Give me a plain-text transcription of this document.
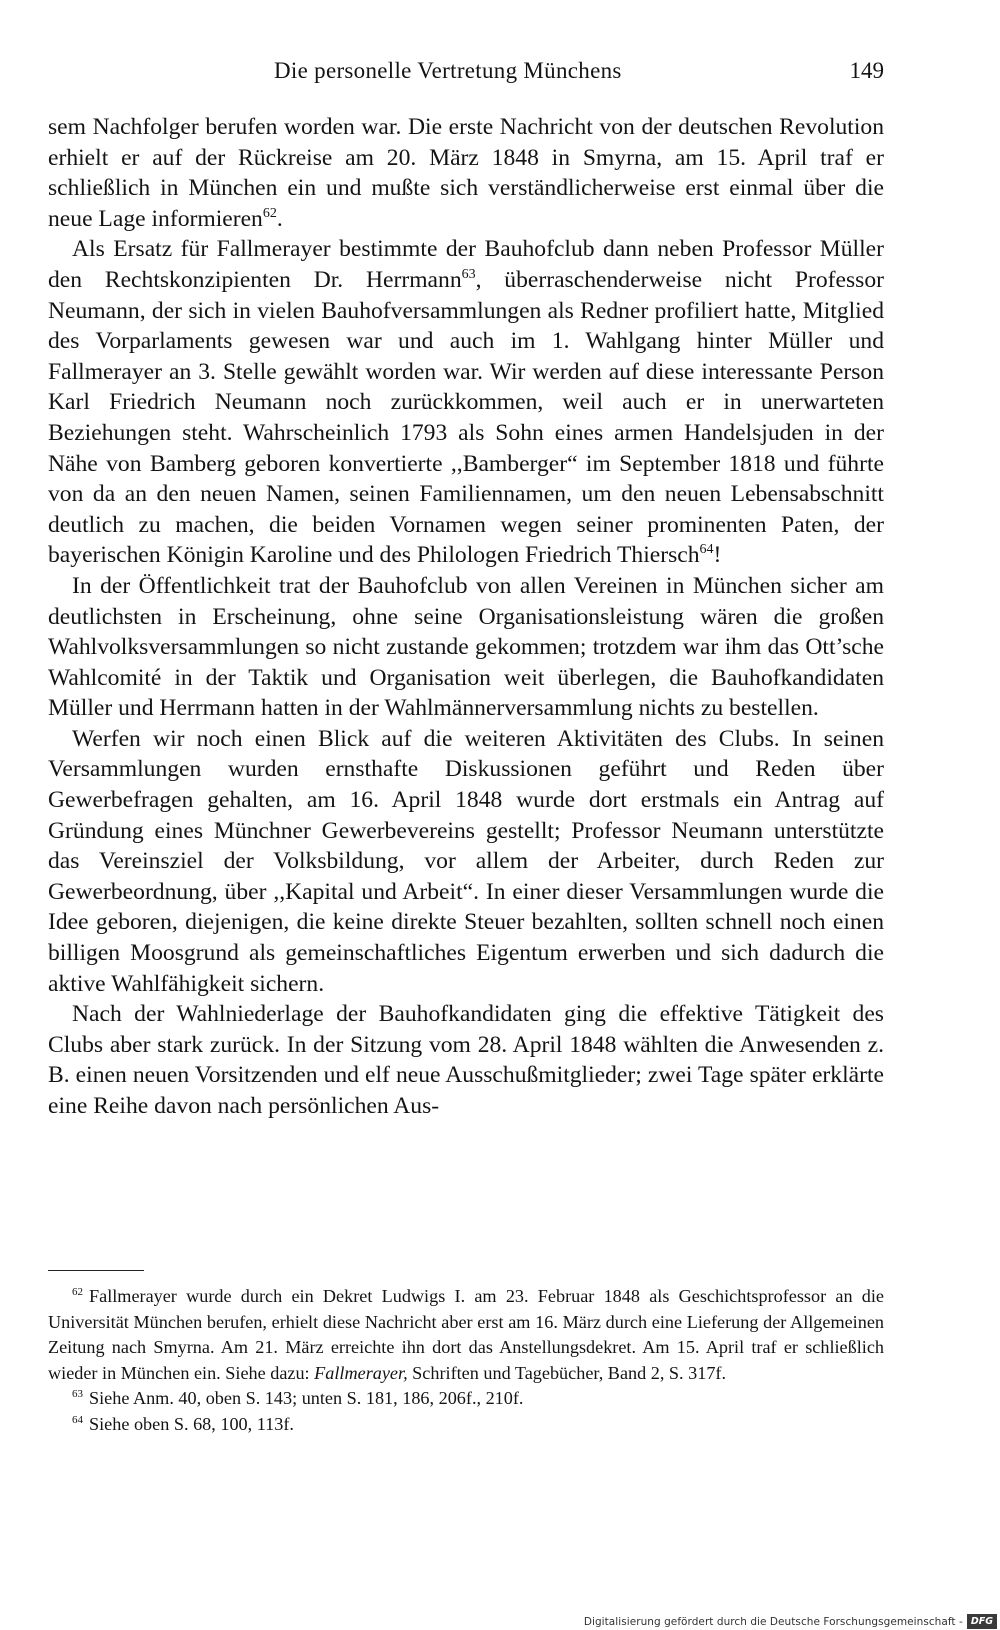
Die personelle Vertretung Münchens	149

sem Nachfolger berufen worden war. Die erste Nachricht von der deutschen Revolution erhielt er auf der Rückreise am 20. März 1848 in Smyrna, am 15. April traf er schließlich in München ein und mußte sich verständlicherweise erst einmal über die neue Lage informieren$^{62}$.

Als Ersatz für Fallmerayer bestimmte der Bauhofclub dann neben Professor Müller den Rechtskonzipienten Dr. Herrmann$^{63}$, überraschenderweise nicht Professor Neumann, der sich in vielen Bauhofversammlungen als Redner profiliert hatte, Mitglied des Vorparlaments gewesen war und auch im 1. Wahlgang hinter Müller und Fallmerayer an 3. Stelle gewählt worden war. Wir werden auf diese interessante Person Karl Friedrich Neumann noch zurückkommen, weil auch er in unerwarteten Beziehungen steht. Wahrscheinlich 1793 als Sohn eines armen Handelsjuden in der Nähe von Bamberg geboren konvertierte ,,Bamberger“ im September 1818 und führte von da an den neuen Namen, seinen Familiennamen, um den neuen Lebensabschnitt deutlich zu machen, die beiden Vornamen wegen seiner prominenten Paten, der bayerischen Königin Karoline und des Philologen Friedrich Thiersch$^{64}$!

In der Öffentlichkeit trat der Bauhofclub von allen Vereinen in München sicher am deutlichsten in Erscheinung, ohne seine Organisationsleistung wären die großen Wahlvolksversammlungen so nicht zustande gekommen; trotzdem war ihm das Ott’sche Wahlcomité in der Taktik und Organisation weit überlegen, die Bauhofkandidaten Müller und Herrmann hatten in der Wahlmännerversammlung nichts zu bestellen.

Werfen wir noch einen Blick auf die weiteren Aktivitäten des Clubs. In seinen Versammlungen wurden ernsthafte Diskussionen geführt und Reden über Gewerbefragen gehalten, am 16. April 1848 wurde dort erstmals ein Antrag auf Gründung eines Münchner Gewerbevereins gestellt; Professor Neumann unterstützte das Vereinsziel der Volksbildung, vor allem der Arbeiter, durch Reden zur Gewerbeordnung, über ,,Kapital und Arbeit“. In einer dieser Versammlungen wurde die Idee geboren, diejenigen, die keine direkte Steuer bezahlten, sollten schnell noch einen billigen Moosgrund als gemeinschaftliches Eigentum erwerben und sich dadurch die aktive Wahlfähigkeit sichern.

Nach der Wahlniederlage der Bauhofkandidaten ging die effektive Tätigkeit des Clubs aber stark zurück. In der Sitzung vom 28. April 1848 wählten die Anwesenden z. B. einen neuen Vorsitzenden und elf neue Ausschußmitglieder; zwei Tage später erklärte eine Reihe davon nach persönlichen Aus-

$^{62}$ Fallmerayer wurde durch ein Dekret Ludwigs I. am 23. Februar 1848 als Geschichtsprofessor an die Universität München berufen, erhielt diese Nachricht aber erst am 16. März durch eine Lieferung der Allgemeinen Zeitung nach Smyrna. Am 21. März erreichte ihn dort das Anstellungsdekret. Am 15. April traf er schließlich wieder in München ein. Siehe dazu: Fallmerayer, Schriften und Tagebücher, Band 2, S. 317f.

$^{63}$ Siehe Anm. 40, oben S. 143; unten S. 181, 186, 206f., 210f.

$^{64}$ Siehe oben S. 68, 100, 113f.

Digitalisierung gefördert durch die Deutsche Forschungsgemeinschaft - DFG
